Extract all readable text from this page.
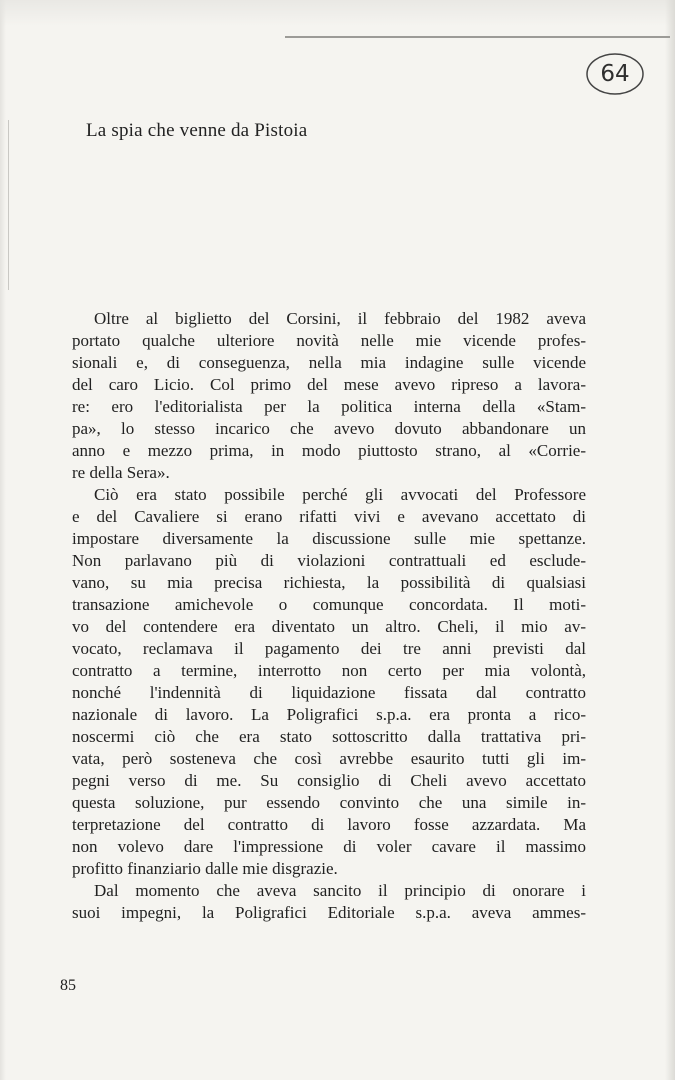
64
La spia che venne da Pistoia
Oltre al biglietto del Corsini, il febbraio del 1982 aveva
portato qualche ulteriore novità nelle mie vicende profes-
sionali e, di conseguenza, nella mia indagine sulle vicende
del caro Licio. Col primo del mese avevo ripreso a lavora-
re: ero l'editorialista per la politica interna della «Stam-
pa», lo stesso incarico che avevo dovuto abbandonare un
anno e mezzo prima, in modo piuttosto strano, al «Corrie-
re della Sera».
Ciò era stato possibile perché gli avvocati del Professore
e del Cavaliere si erano rifatti vivi e avevano accettato di
impostare diversamente la discussione sulle mie spettanze.
Non parlavano più di violazioni contrattuali ed esclude-
vano, su mia precisa richiesta, la possibilità di qualsiasi
transazione amichevole o comunque concordata. Il moti-
vo del contendere era diventato un altro. Cheli, il mio av-
vocato, reclamava il pagamento dei tre anni previsti dal
contratto a termine, interrotto non certo per mia volontà,
nonché l'indennità di liquidazione fissata dal contratto
nazionale di lavoro. La Poligrafici s.p.a. era pronta a rico-
noscermi ciò che era stato sottoscritto dalla trattativa pri-
vata, però sosteneva che così avrebbe esaurito tutti gli im-
pegni verso di me. Su consiglio di Cheli avevo accettato
questa soluzione, pur essendo convinto che una simile in-
terpretazione del contratto di lavoro fosse azzardata. Ma
non volevo dare l'impressione di voler cavare il massimo
profitto finanziario dalle mie disgrazie.
Dal momento che aveva sancito il principio di onorare i
suoi impegni, la Poligrafici Editoriale s.p.a. aveva ammes-

85
